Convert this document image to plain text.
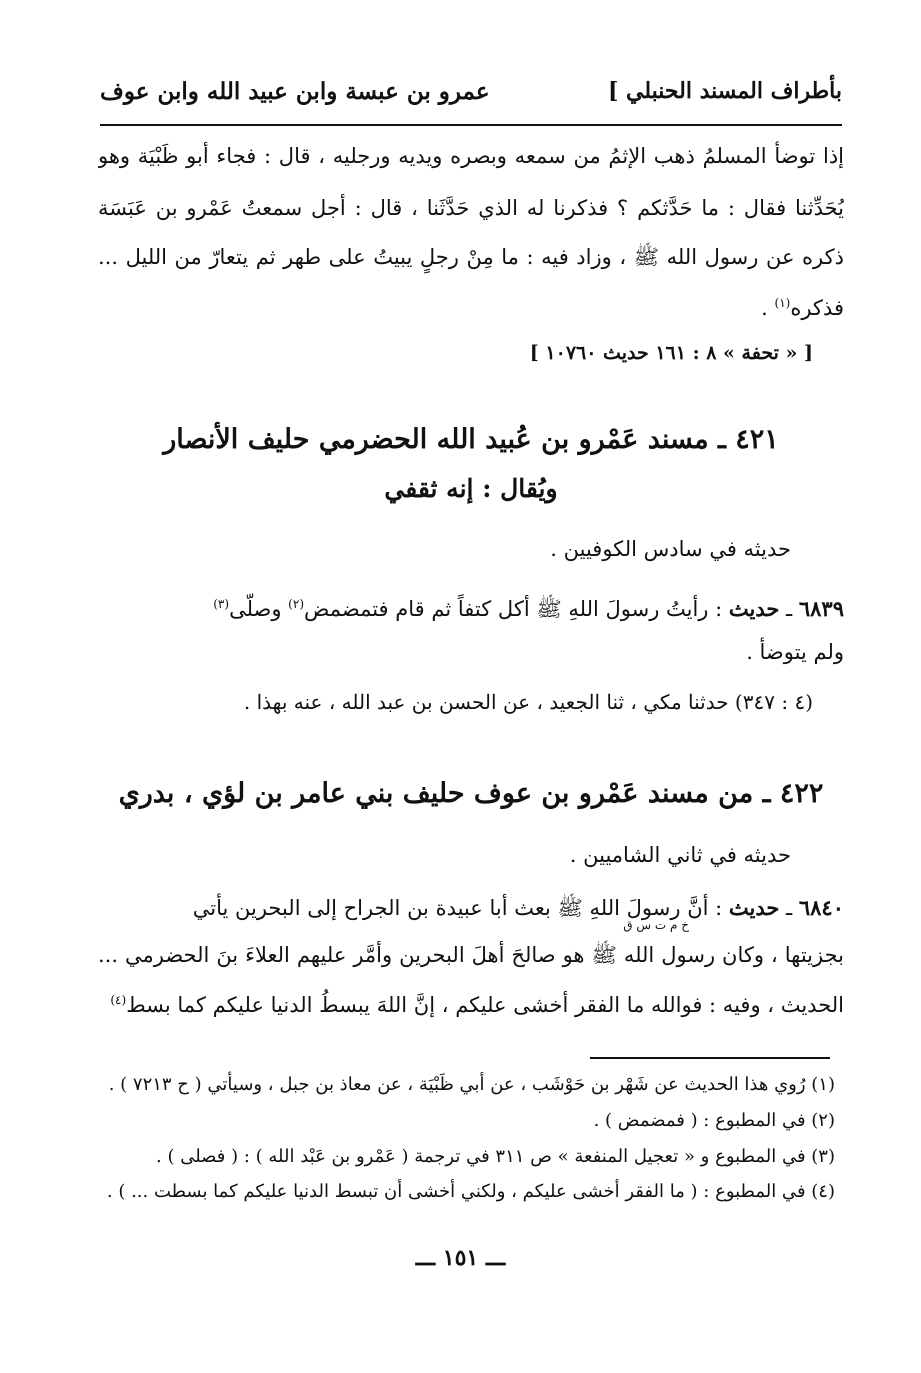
بأطراف المسند الحنبلي ]
عمرو بن عبسة وابن عبيد الله وابن عوف
إذا توضأ المسلمُ ذهب الإثمُ من سمعه وبصره ويديه ورجليه ، قال : فجاء أبو ظَبْيَة وهو
يُحَدِّثنا فقال : ما حَدَّثكم ؟ فذكرنا له الذي حَدَّثَنا ، قال : أجل سمعتُ عَمْرو بن عَبَسَة
ذكره عن رسول الله ﷺ ، وزاد فيه : ما مِنْ رجلٍ يبيتُ على طهر ثم يتعارّ من الليل ...
فذكره$^{(١)}$ .
[ « تحفة » ٨ : ١٦١ حديث ١٠٧٦٠ ]
٤٢١ ـ مسند عَمْرو بن عُبيد الله الحضرمي حليف الأنصار
ويُقال : إنه ثقفي
حديثه في سادس الكوفيين .
٦٨٣٩ ـ حديث : رأيتُ رسولَ اللهِ ﷺ أكل كتفاً ثم قام فتمضمض$^{(٢)}$ وصلّى$^{(٣)}$
ولم يتوضأ .
(٤ : ٣٤٧) حدثنا مكي ، ثنا الجعيد ، عن الحسن بن عبد الله ، عنه بهذا .
٤٢٢ ـ من مسند عَمْرو بن عوف حليف بني عامر بن لؤي ، بدري
حديثه في ثاني الشاميين .
٦٨٤٠ ـ حديث : أنَّ رسولَ اللهِ ﷺ بعث أبا عبيدة بن الجراح إلى البحرين يأتي
خ م ت س ق
بجزيتها ، وكان رسول الله ﷺ هو صالحَ أهلَ البحرين وأمَّر عليهم العلاءَ بنَ الحضرمي ...
الحديث ، وفيه : فوالله ما الفقر أخشى عليكم ، إنَّ اللهَ يبسطُ الدنيا عليكم كما بسط$^{(٤)}$
(١) رُوي هذا الحديث عن شَهْر بن حَوْشَب ، عن أبي ظَبْيَة ، عن معاذ بن جبل ، وسيأتي ( ح ٧٢١٣ ) .
(٢) في المطبوع : ( فمضمض ) .
(٣) في المطبوع و « تعجيل المنفعة » ص ٣١١ في ترجمة ( عَمْرو بن عَبْد الله ) : ( فصلى ) .
(٤) في المطبوع : ( ما الفقر أخشى عليكم ، ولكني أخشى أن تبسط الدنيا عليكم كما بسطت ... ) .
ـــ ١٥١ ـــ
